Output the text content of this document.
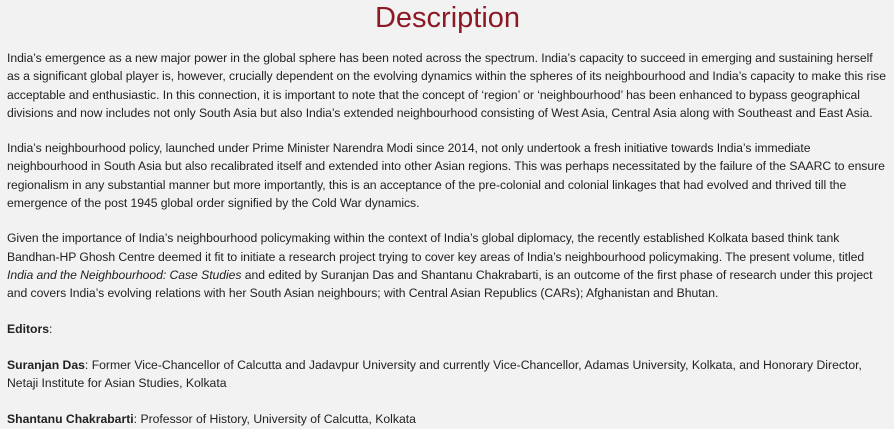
Description

India’s emergence as a new major power in the global sphere has been noted across the spectrum. India’s capacity to succeed in emerging and sustaining herself as a significant global player is, however, crucially dependent on the evolving dynamics within the spheres of its neighbourhood and India’s capacity to make this rise acceptable and enthusiastic. In this connection, it is important to note that the concept of ‘region’ or ‘neighbourhood’ has been enhanced to bypass geographical divisions and now includes not only South Asia but also India’s extended neighbourhood consisting of West Asia, Central Asia along with Southeast and East Asia.

India’s neighbourhood policy, launched under Prime Minister Narendra Modi since 2014, not only undertook a fresh initiative towards India’s immediate neighbourhood in South Asia but also recalibrated itself and extended into other Asian regions. This was perhaps necessitated by the failure of the SAARC to ensure regionalism in any substantial manner but more importantly, this is an acceptance of the pre-colonial and colonial linkages that had evolved and thrived till the emergence of the post 1945 global order signified by the Cold War dynamics.

Given the importance of India’s neighbourhood policymaking within the context of India’s global diplomacy, the recently established Kolkata based think tank Bandhan-HP Ghosh Centre deemed it fit to initiate a research project trying to cover key areas of India’s neighbourhood policymaking. The present volume, titled India and the Neighbourhood: Case Studies and edited by Suranjan Das and Shantanu Chakrabarti, is an outcome of the first phase of research under this project and covers India’s evolving relations with her South Asian neighbours; with Central Asian Republics (CARs); Afghanistan and Bhutan.

Editors:

Suranjan Das: Former Vice-Chancellor of Calcutta and Jadavpur University and currently Vice-Chancellor, Adamas University, Kolkata, and Honorary Director, Netaji Institute for Asian Studies, Kolkata

Shantanu Chakrabarti: Professor of History, University of Calcutta, Kolkata
